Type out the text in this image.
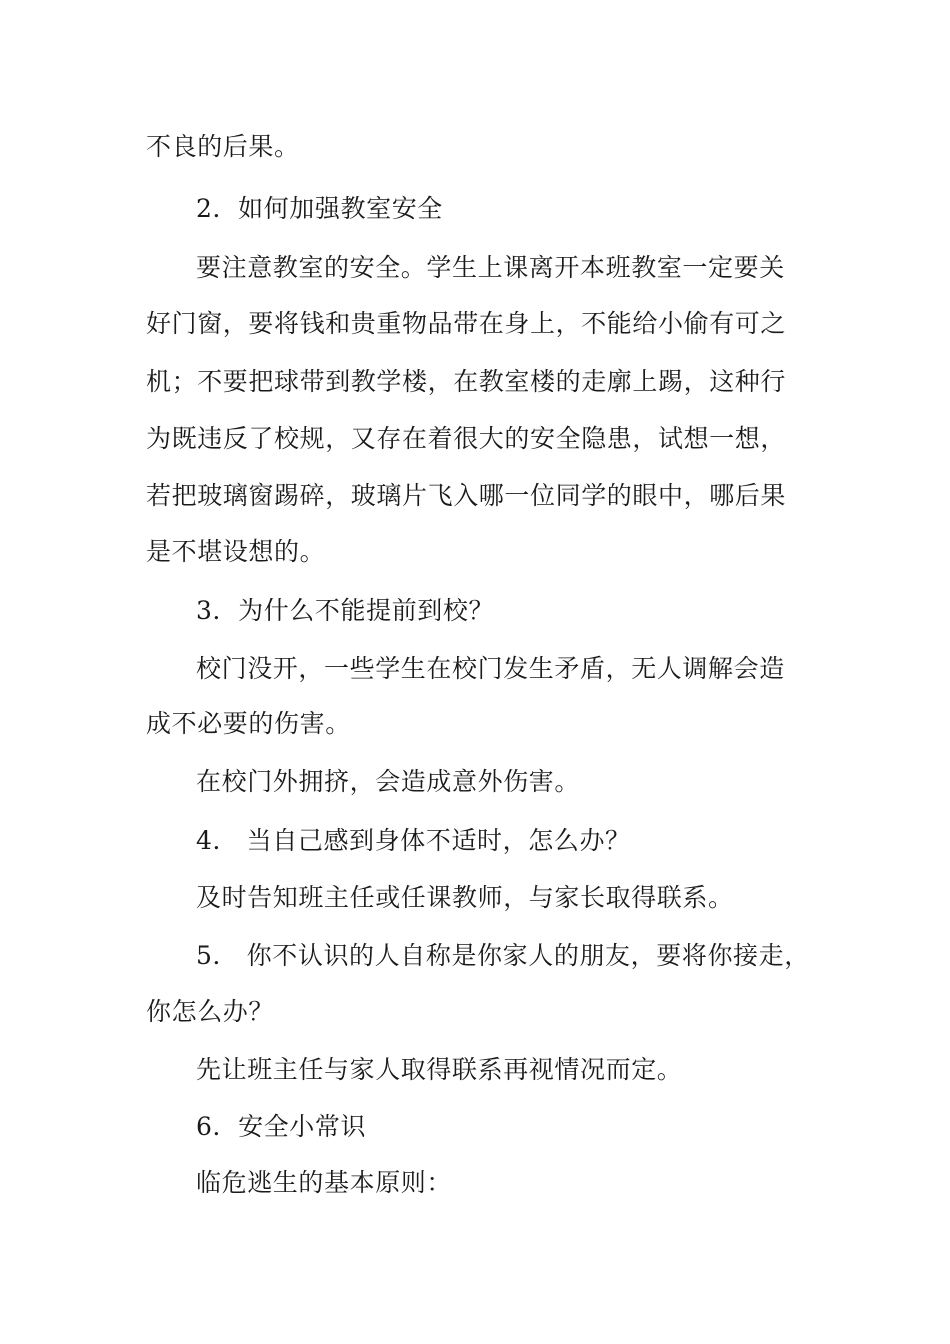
不良的后果。
2．如何加强教室安全
要注意教室的安全。学生上课离开本班教室一定要关
好门窗，要将钱和贵重物品带在身上，不能给小偷有可之
机；不要把球带到教学楼，在教室楼的走廓上踢，这种行
为既违反了校规，又存在着很大的安全隐患，试想一想，
若把玻璃窗踢碎，玻璃片飞入哪一位同学的眼中，哪后果
是不堪设想的。
3．为什么不能提前到校？
校门没开，一些学生在校门发生矛盾，无人调解会造
成不必要的伤害。
在校门外拥挤，会造成意外伤害。
4． 当自己感到身体不适时，怎么办？
及时告知班主任或任课教师，与家长取得联系。
5． 你不认识的人自称是你家人的朋友，要将你接走，
你怎么办？
先让班主任与家人取得联系再视情况而定。
6．安全小常识
临危逃生的基本原则：
